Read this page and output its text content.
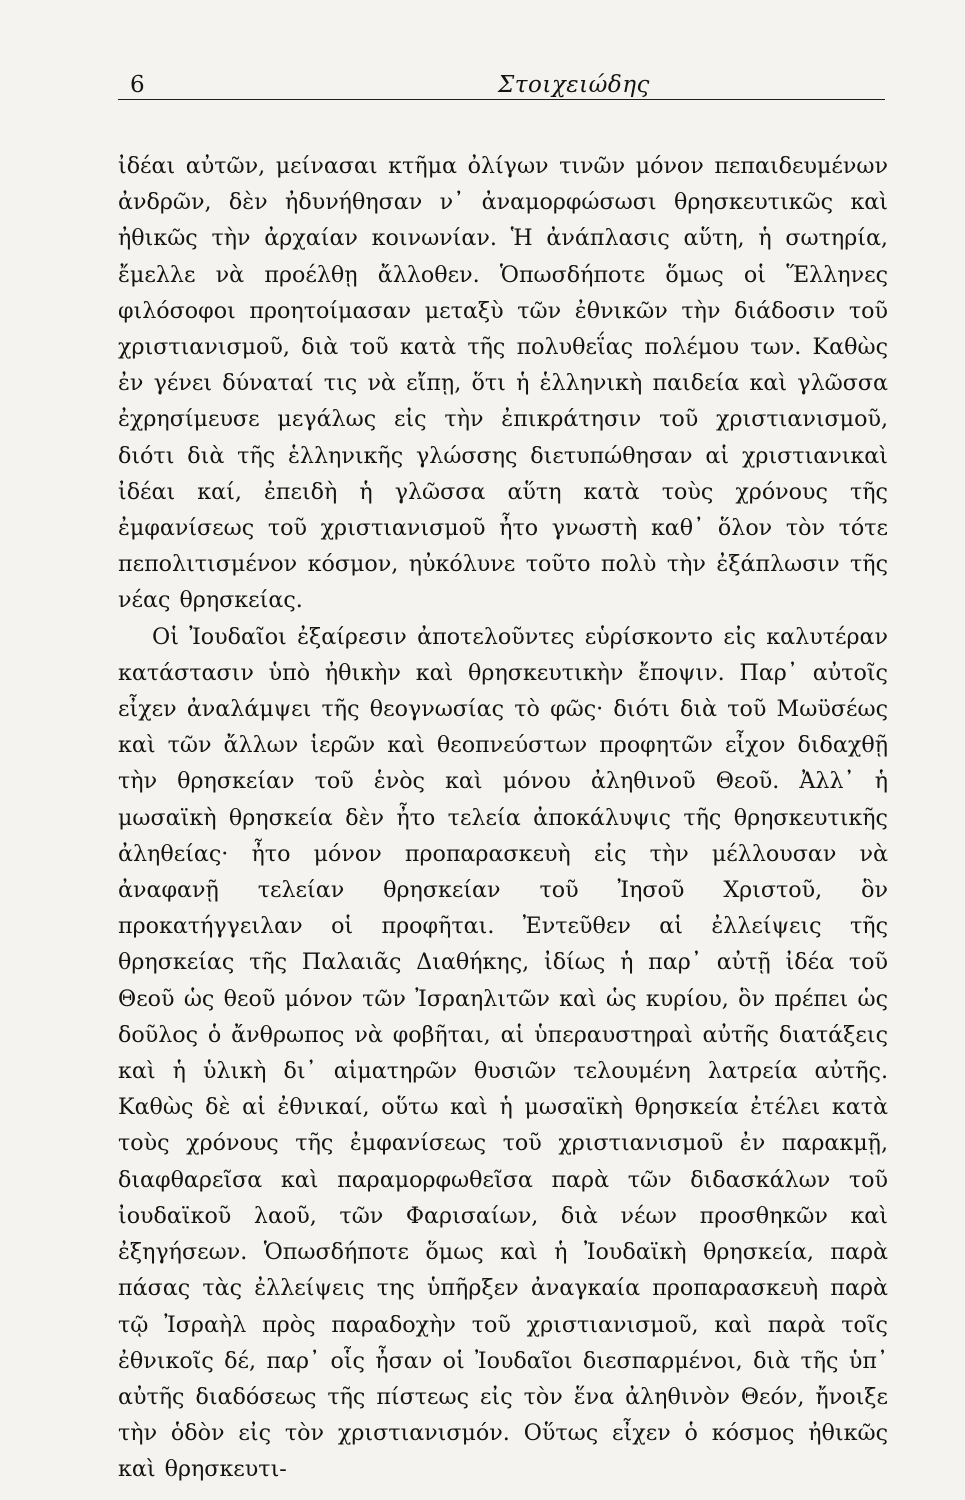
6	Στοιχειώδης

ἰδέαι αὐτῶν, μείνασαι κτῆμα ὀλίγων τινῶν μόνον πεπαιδευμένων ἀνδρῶν, δὲν ἠδυνήθησαν ν᾽ ἀναμορφώσωσι θρησκευτικῶς καὶ ἠθικῶς τὴν ἀρχαίαν κοινωνίαν. Ἡ ἀνάπλασις αὕτη, ἡ σωτηρία, ἔμελλε νὰ προέλθῃ ἄλλοθεν. Ὁπωσδήποτε ὅμως οἱ Ἕλληνες φιλόσοφοι προητοίμασαν μεταξὺ τῶν ἐθνικῶν τὴν διάδοσιν τοῦ χριστιανισμοῦ, διὰ τοῦ κατὰ τῆς πολυθεΐας πολέμου των. Καθὼς ἐν γένει δύναταί τις νὰ εἴπῃ, ὅτι ἡ ἑλληνικὴ παιδεία καὶ γλῶσσα ἐχρησίμευσε μεγάλως εἰς τὴν ἐπικράτησιν τοῦ χριστιανισμοῦ, διότι διὰ τῆς ἑλληνικῆς γλώσσης διετυπώθησαν αἱ χριστιανικαὶ ἰδέαι καί, ἐπειδὴ ἡ γλῶσσα αὕτη κατὰ τοὺς χρόνους τῆς ἐμφανίσεως τοῦ χριστιανισμοῦ ἦτο γνωστὴ καθ᾽ ὅλον τὸν τότε πεπολιτισμένον κόσμον, ηὐκόλυνε τοῦτο πολὺ τὴν ἐξάπλωσιν τῆς νέας θρησκείας.

Οἱ Ἰουδαῖοι ἐξαίρεσιν ἀποτελοῦντες εὑρίσκοντο εἰς καλυτέραν κατάστασιν ὑπὸ ἠθικὴν καὶ θρησκευτικὴν ἔποψιν. Παρ᾽ αὐτοῖς εἶχεν ἀναλάμψει τῆς θεογνωσίας τὸ φῶς· διότι διὰ τοῦ Μωϋσέως καὶ τῶν ἄλλων ἱερῶν καὶ θεοπνεύστων προφητῶν εἶχον διδαχθῇ τὴν θρησκείαν τοῦ ἑνὸς καὶ μόνου ἀληθινοῦ Θεοῦ. Ἀλλ᾽ ἡ μωσαϊκὴ θρησκεία δὲν ἦτο τελεία ἀποκάλυψις τῆς θρησκευτικῆς ἀληθείας· ἦτο μόνον προπαρασκευὴ εἰς τὴν μέλλουσαν νὰ ἀναφανῇ τελείαν θρησκείαν τοῦ Ἰησοῦ Χριστοῦ, ὃν προκατήγγειλαν οἱ προφῆται. Ἐντεῦθεν αἱ ἐλλείψεις τῆς θρησκείας τῆς Παλαιᾶς Διαθήκης, ἰδίως ἡ παρ᾽ αὐτῇ ἰδέα τοῦ Θεοῦ ὡς θεοῦ μόνον τῶν Ἰσραηλιτῶν καὶ ὡς κυρίου, ὃν πρέπει ὡς δοῦλος ὁ ἄνθρωπος νὰ φοβῆται, αἱ ὑπεραυστηραὶ αὐτῆς διατάξεις καὶ ἡ ὑλικὴ δι᾽ αἱματηρῶν θυσιῶν τελουμένη λατρεία αὐτῆς. Καθὼς δὲ αἱ ἐθνικαί, οὕτω καὶ ἡ μωσαϊκὴ θρησκεία ἐτέλει κατὰ τοὺς χρόνους τῆς ἐμφανίσεως τοῦ χριστιανισμοῦ ἐν παρακμῇ, διαφθαρεῖσα καὶ παραμορφωθεῖσα παρὰ τῶν διδασκάλων τοῦ ἰουδαϊκοῦ λαοῦ, τῶν Φαρισαίων, διὰ νέων προσθηκῶν καὶ ἐξηγήσεων. Ὁπωσδήποτε ὅμως καὶ ἡ Ἰουδαϊκὴ θρησκεία, παρὰ πάσας τὰς ἐλλείψεις της ὑπῆρξεν ἀναγκαία προπαρασκευὴ παρὰ τῷ Ἰσραὴλ πρὸς παραδοχὴν τοῦ χριστιανισμοῦ, καὶ παρὰ τοῖς ἐθνικοῖς δέ, παρ᾽ οἷς ἦσαν οἱ Ἰουδαῖοι διεσπαρμένοι, διὰ τῆς ὑπ᾽ αὐτῆς διαδόσεως τῆς πίστεως εἰς τὸν ἕνα ἀληθινὸν Θεόν, ἤνοιξε τὴν ὁδὸν εἰς τὸν χριστιανισμόν. Οὕτως εἶχεν ὁ κόσμος ἠθικῶς καὶ θρησκευτι-
